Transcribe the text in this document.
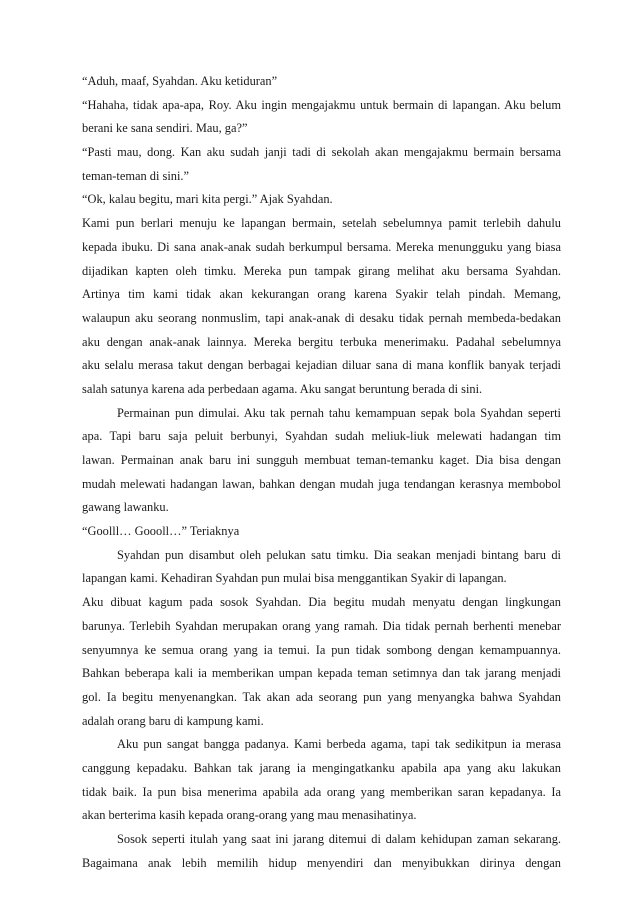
“Aduh, maaf, Syahdan. Aku ketiduran”
“Hahaha, tidak apa-apa, Roy. Aku ingin mengajakmu untuk bermain di lapangan. Aku belum
berani ke sana sendiri. Mau, ga?”
“Pasti mau, dong. Kan aku sudah janji tadi di sekolah akan mengajakmu bermain bersama
teman-teman di sini.”
“Ok, kalau begitu, mari kita pergi.” Ajak Syahdan.
Kami pun berlari menuju ke lapangan bermain, setelah sebelumnya pamit terlebih dahulu
kepada ibuku. Di sana anak-anak sudah berkumpul bersama. Mereka menungguku yang biasa
dijadikan kapten oleh timku. Mereka pun tampak girang melihat aku bersama Syahdan.
Artinya tim kami tidak akan kekurangan orang karena Syakir telah pindah. Memang,
walaupun aku seorang nonmuslim, tapi anak-anak di desaku tidak pernah membeda-bedakan
aku dengan anak-anak lainnya. Mereka bergitu terbuka menerimaku. Padahal sebelumnya
aku selalu merasa takut dengan berbagai kejadian diluar sana di mana konflik banyak terjadi
salah satunya karena ada perbedaan agama. Aku sangat beruntung berada di sini.
Permainan pun dimulai. Aku tak pernah tahu kemampuan sepak bola Syahdan seperti
apa. Tapi baru saja peluit berbunyi, Syahdan sudah meliuk-liuk melewati hadangan tim
lawan. Permainan anak baru ini sungguh membuat teman-temanku kaget. Dia bisa dengan
mudah melewati hadangan lawan, bahkan dengan mudah juga tendangan kerasnya membobol
gawang lawanku.
“Goolll… Goooll…” Teriaknya
Syahdan pun disambut oleh pelukan satu timku. Dia seakan menjadi bintang baru di
lapangan kami. Kehadiran Syahdan pun mulai bisa menggantikan Syakir di lapangan.
Aku dibuat kagum pada sosok Syahdan. Dia begitu mudah menyatu dengan lingkungan
barunya. Terlebih Syahdan merupakan orang yang ramah. Dia tidak pernah berhenti menebar
senyumnya ke semua orang yang ia temui. Ia pun tidak sombong dengan kemampuannya.
Bahkan beberapa kali ia memberikan umpan kepada teman setimnya dan tak jarang menjadi
gol. Ia begitu menyenangkan. Tak akan ada seorang pun yang menyangka bahwa Syahdan
adalah orang baru di kampung kami.
Aku pun sangat bangga padanya. Kami berbeda agama, tapi tak sedikitpun ia merasa
canggung kepadaku. Bahkan tak jarang ia mengingatkanku apabila apa yang aku lakukan
tidak baik. Ia pun bisa menerima apabila ada orang yang memberikan saran kepadanya. Ia
akan berterima kasih kepada orang-orang yang mau menasihatinya.
Sosok seperti itulah yang saat ini jarang ditemui di dalam kehidupan zaman sekarang.
Bagaimana anak lebih memilih hidup menyendiri dan menyibukkan dirinya dengan
